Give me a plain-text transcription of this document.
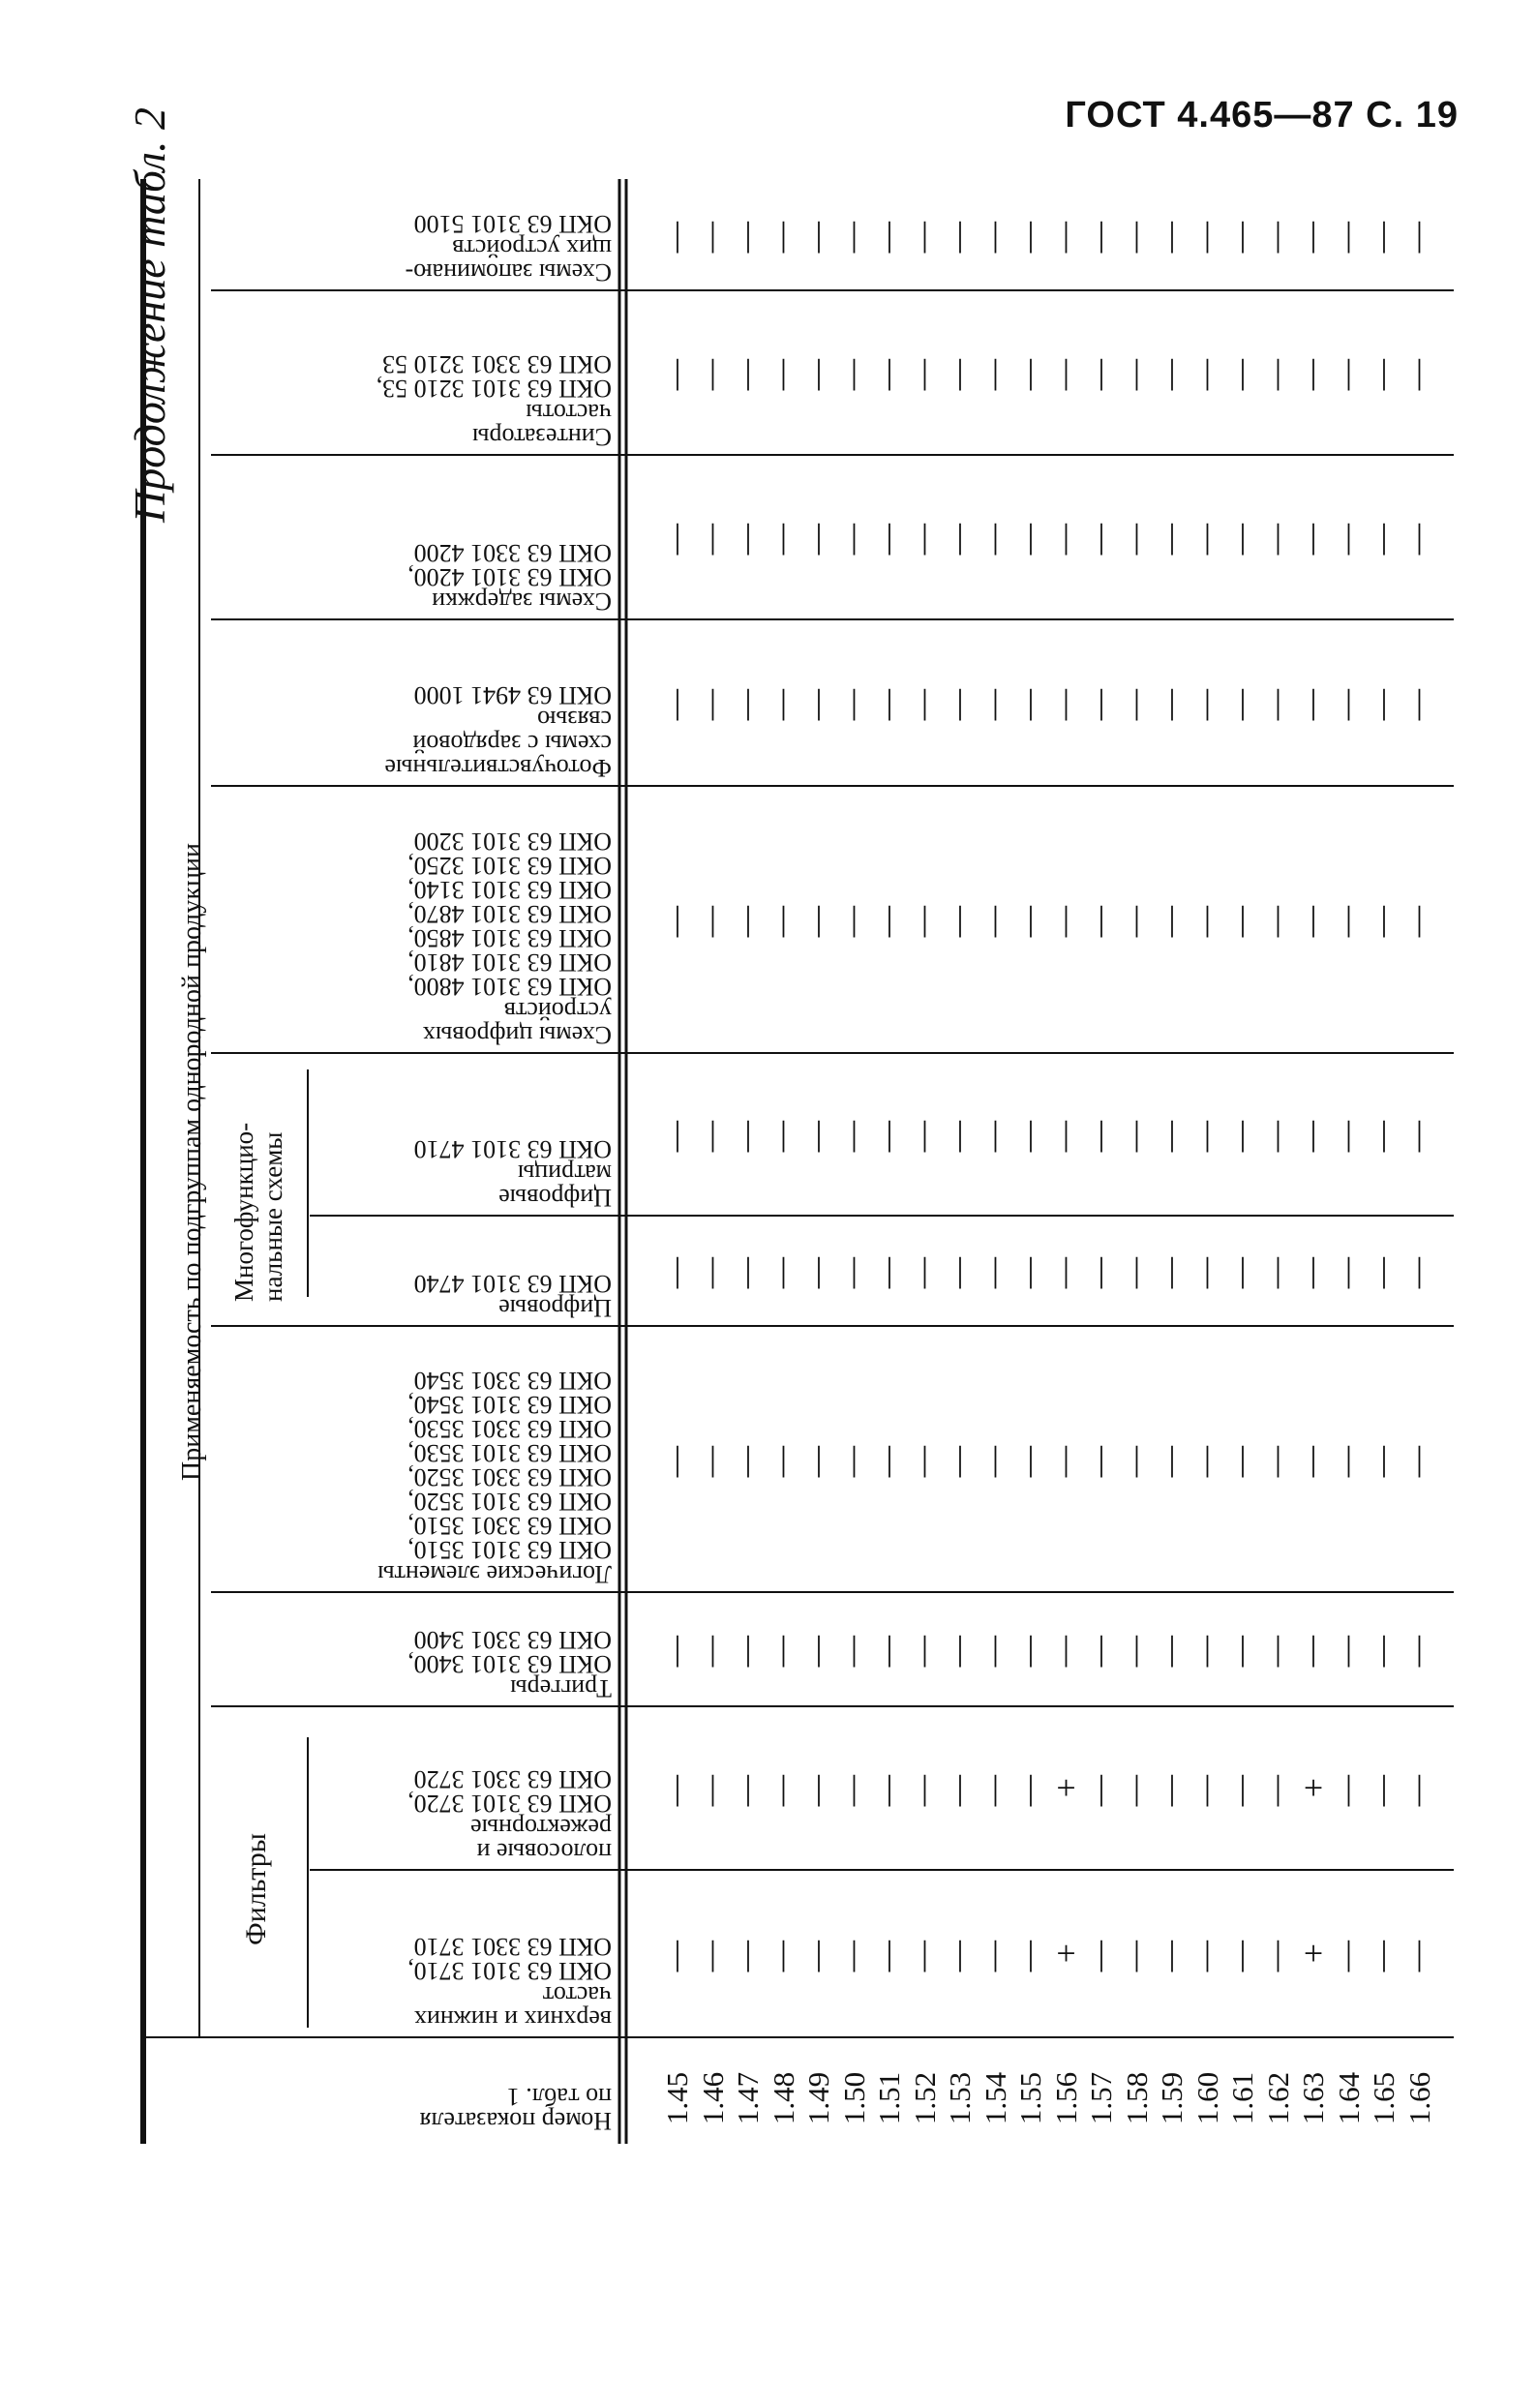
ГОСТ 4.465—87 С. 19
Продолжение табл. 2
Применяемость по подгруппам однородной продукции
Фильтры
Многофункцио-
нальные схемы
Схемы запоминаю-
щих устройств
ОКП 63 3101 5100
Синтезаторы
частоты
ОКП 63 3101 3210 53,
ОКП 63 3301 3210 53
Схемы задержки
ОКП 63 3101 4200,
ОКП 63 3301 4200
Фоточувствительные
схемы с зарядовой
связью
ОКП 63 4941 1000
Схемы цифровых
устройств
ОКП 63 3101 4800,
ОКП 63 3101 4810,
ОКП 63 3101 4850,
ОКП 63 3101 4870,
ОКП 63 3101 3140,
ОКП 63 3101 3250,
ОКП 63 3101 3200
Цифровые
матрицы
ОКП 63 3101 4710
Цифровые
ОКП 63 3101 4740
Логические элементы
ОКП 63 3101 3510,
ОКП 63 3301 3510,
ОКП 63 3101 3520,
ОКП 63 3301 3520,
ОКП 63 3101 3530,
ОКП 63 3301 3530,
ОКП 63 3101 3540,
ОКП 63 3301 3540
Триггеры
ОКП 63 3101 3400,
ОКП 63 3301 3400
полосовые и
режекторные
ОКП 63 3101 3720,
ОКП 63 3301 3720
верхних и нижних
частот
ОКП 63 3101 3710,
ОКП 63 3301 3710
Номер показателя
по табл. 1	1.45 1.46 1.47 1.48 1.49 1.50 1.51 1.52 1.53 1.54 1.55 1.56 1.57 1.58 1.59 1.60 1.61 1.62 1.63 1.64 1.65 1.66
|
|
|
|
|
|
|
|
|
|
|
|
|
|
|
|
|
|
|
|
|
|
|
|
|
|
|
|
|
|
|
|
|
|
|
|
|
|
|
|
|
|
|
|
|
|
|
|
|
|
|
|
|
|
|
|
|
|
|
|
|
|
|
|
|
|
|
|
|
|
|
|
|
|
|
|
|
|
|
|
|
|
|
|
|
|
|
|
|
|
|
|
|
|
|
|
|
|
|
|
|
|
|
|
|
|
|
|
|
|
|
|
|
|
|
|
|
|
|
|
|
|
|
|
|
|
|
|
|
|
+
+
|
|
|
|
|
|
|
|
|
|
|
|
|
|
|
|
|
|
|
|
|
|
|
|
|
|
|
|
|
|
|
|
|
|
|
|
|
|
|
|
|
|
|
|
|
|
|
|
|
|
|
|
|
|
|
|
|
|
|
|
|
|
|
|
|
|
|
|
|
|
|
|
|
|
|
+
+
|
|
|
|
|
|
|
|
|
|
|
|
|
|
|
|
|
|
|
|
|
|
|
|
|
|
|
|
|
|
|
|
|
